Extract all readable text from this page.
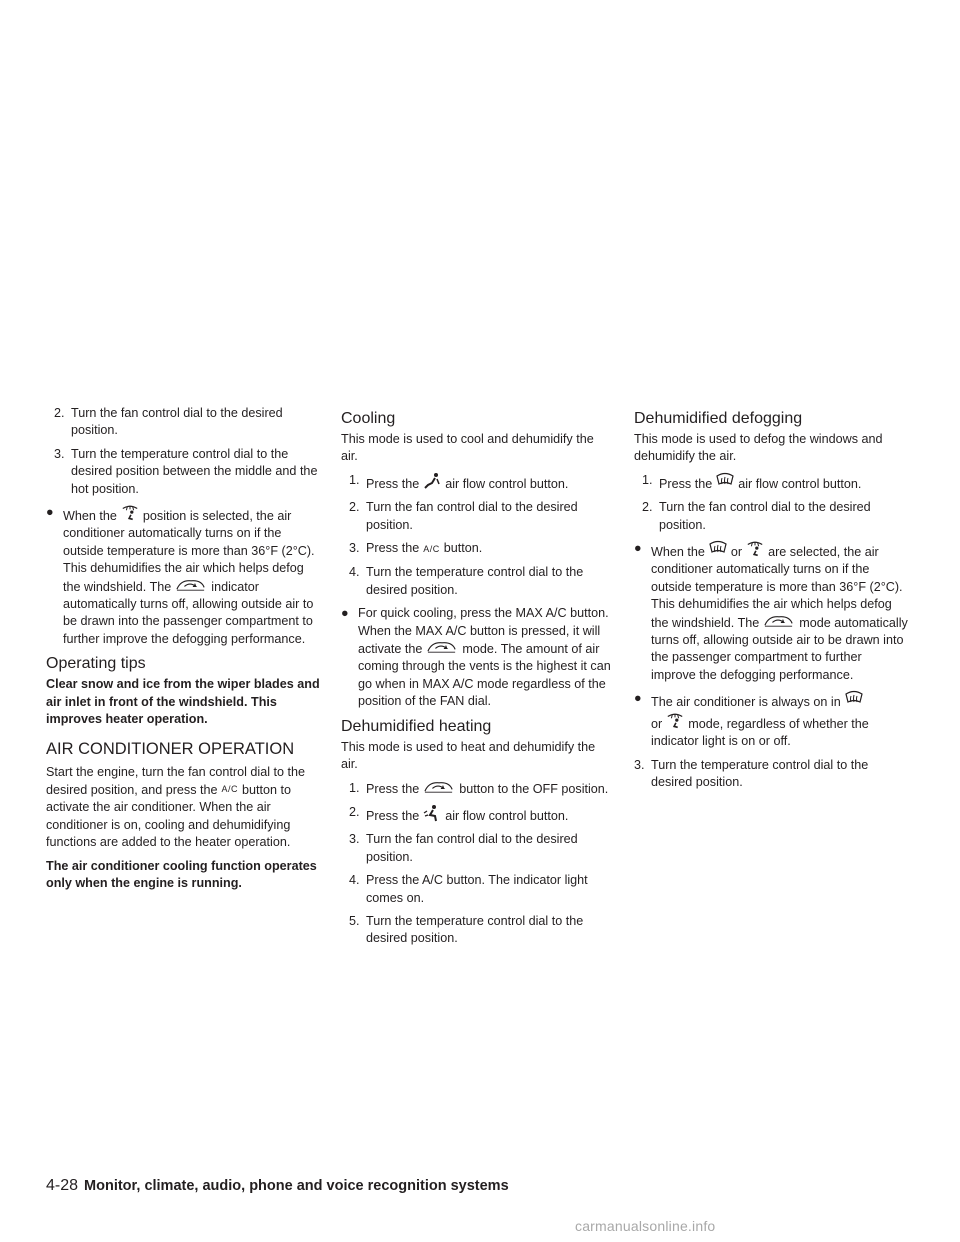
2. Turn the fan control dial to the desired position.
3. Turn the temperature control dial to the desired position between the middle and the hot position.
● When the position is selected, the air conditioner automatically turns on if the outside temperature is more than 36°F (2°C). This dehumidifies the air which helps defog the windshield. The	indicator automatically turns off, allowing outside air to be drawn into the passenger compartment to further improve the defogging performance.
Operating tips

Clear snow and ice from the wiper blades and air inlet in front of the windshield. This improves heater operation.

AIR CONDITIONER OPERATION

Start the engine, turn the fan control dial to the desired position, and press the A/C button to activate the air conditioner. When the air conditioner is on, cooling and dehumidifying functions are added to the heater operation.

The air conditioner cooling function operates only when the engine is running.

Cooling

This mode is used to cool and dehumidify the air.

1. Press the air flow control button.
2. Turn the fan control dial to the desired position.
3. Press the A/C button.
4. Turn the temperature control dial to the desired position.
● For quick cooling, press the MAX A/C button. When the MAX A/C button is pressed, it will activate the	mode. The amount of air coming through the vents is the highest it can go when in MAX A/C mode regardless of the position of the FAN dial.
Dehumidified heating

This mode is used to heat and dehumidify the air.

1. Press the	button to the OFF position.
2. Press the air flow control button.
3. Turn the fan control dial to the desired position.
4. Press the A/C button. The indicator light comes on.
5. Turn the temperature control dial to the desired position.
Dehumidified defogging

This mode is used to defog the windows and dehumidify the air.

1. Press the air flow control button.
2. Turn the fan control dial to the desired position.
● When the or are selected, the air conditioner automatically turns on if the outside temperature is more than 36°F (2°C). This dehumidifies the air which helps defog the windshield. The	mode automatically turns off, allowing outside air to be drawn into the passenger compartment to further improve the defogging performance.
● The air conditioner is always on in

or mode, regardless of whether the indicator light is on or off.
3. Turn the temperature control dial to the desired position.
4-28 Monitor, climate, audio, phone and voice recognition systems
carmanualsonline.info
